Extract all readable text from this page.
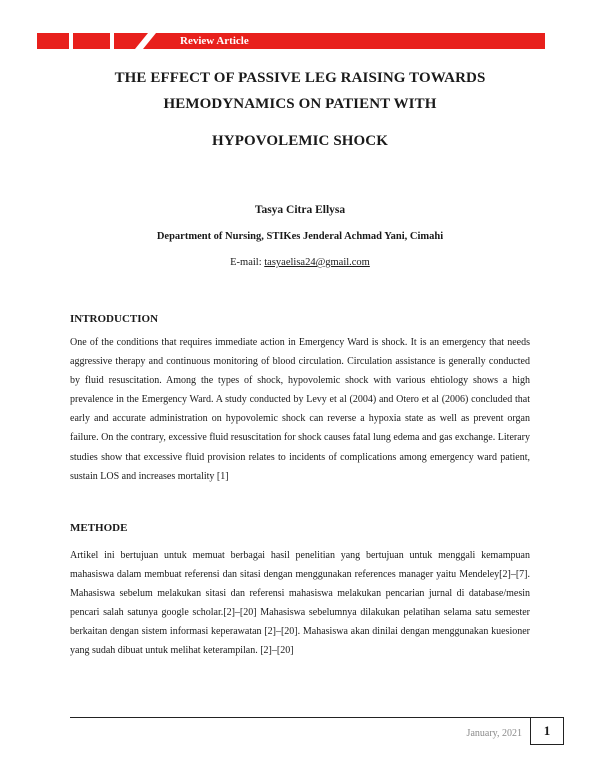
Review Article
THE EFFECT OF PASSIVE LEG RAISING TOWARDS
HEMODYNAMICS ON PATIENT WITH
HYPOVOLEMIC SHOCK
Tasya Citra Ellysa
Department of Nursing, STIKes Jenderal Achmad Yani, Cimahi
E-mail: tasyaelisa24@gmail.com
INTRODUCTION

One of the conditions that requires immediate action in Emergency Ward is shock. It is an emergency that needs aggressive therapy and continuous monitoring of blood circulation. Circulation assistance is generally conducted by fluid resuscitation. Among the types of shock, hypovolemic shock with various ehtiology shows a high prevalence in the Emergency Ward. A study conducted by Levy et al (2004) and Otero et al (2006) concluded that early and accurate administration on hypovolemic shock can reverse a hypoxia state as well as prevent organ failure. On the contrary, excessive fluid resuscitation for shock causes fatal lung edema and gas exchange. Literary studies show that excessive fluid provision relates to incidents of complications among emergency ward patient, sustain LOS and increases mortality [1]

METHODE

Artikel ini bertujuan untuk memuat berbagai hasil penelitian yang bertujuan untuk menggali kemampuan mahasiswa dalam membuat referensi dan sitasi dengan menggunakan references manager yaitu Mendeley[2]–[7]. Mahasiswa sebelum melakukan sitasi dan referensi mahasiswa melakukan pencarian jurnal di database/mesin pencari salah satunya google scholar.[2]–[20] Mahasiswa sebelumnya dilakukan pelatihan selama satu semester berkaitan dengan sistem informasi keperawatan [2]–[20]. Mahasiswa akan dinilai dengan menggunakan kuesioner yang sudah dibuat untuk melihat keterampilan. [2]–[20]

January, 2021	1
